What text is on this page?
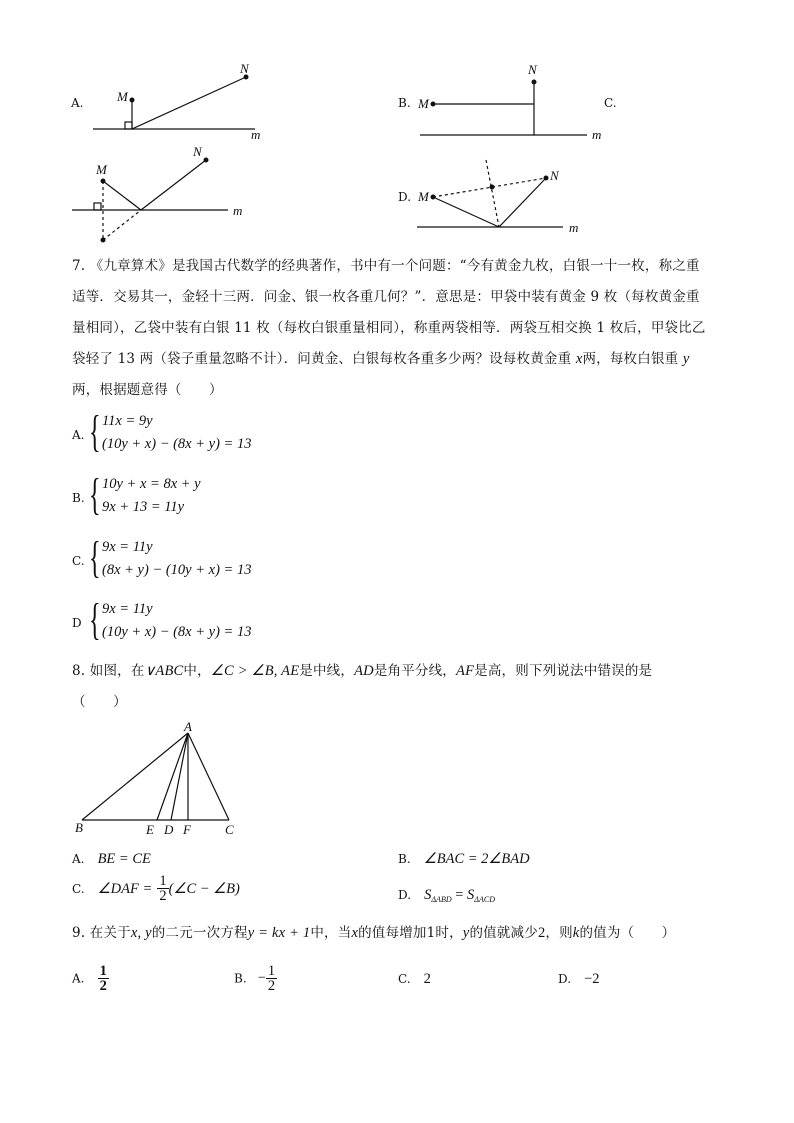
A.	M
N
m
B. M
N
m
C.
M
N
m
D. M
N
m
7. 《九章算术》是我国古代数学的经典著作，书中有一个问题：“今有黄金九枚，白银一十一枚，称之重
适等．交易其一，金轻十三两．问金、银一枚各重几何？”．意思是：甲袋中装有黄金 9 枚（每枚黄金重
量相同），乙袋中装有白银 11 枚（每枚白银重量相同），称重两袋相等．两袋互相交换 1 枚后，甲袋比乙
袋轻了 13 两（袋子重量忽略不计）．问黄金、白银每枚各重多少两？设每枚黄金重 x两，每枚白银重 y
两，根据题意得（　　）
A. { 11x = 9y
(10y + x) − (8x + y) = 13
B. { 10y + x = 8x + y
9x + 13 = 11y
C. { 9x = 11y
(8x + y) − (10y + x) = 13
D { 9x = 11y
(10y + x) − (8x + y) = 13
8. 如图，在∨ABC中，∠C > ∠B, AE是中线，AD是角平分线，AF是高，则下列说法中错误的是
（　　）
A
B	E D F	C
A. BE = CE	B. ∠BAC = 2∠BAD
C. ∠DAF = $\frac{1}{2}$ (∠C − ∠B)	D. $S_{\Delta ABD} = S_{\Delta ACD}$
9. 在关于x, y的二元一次方程y = kx + 1中，当x的值每增加1时，y的值就减少2，则k的值为（　　）
A. $\frac{1}{2}$	B. − $\frac{1}{2}$	C. 2	D. −2
